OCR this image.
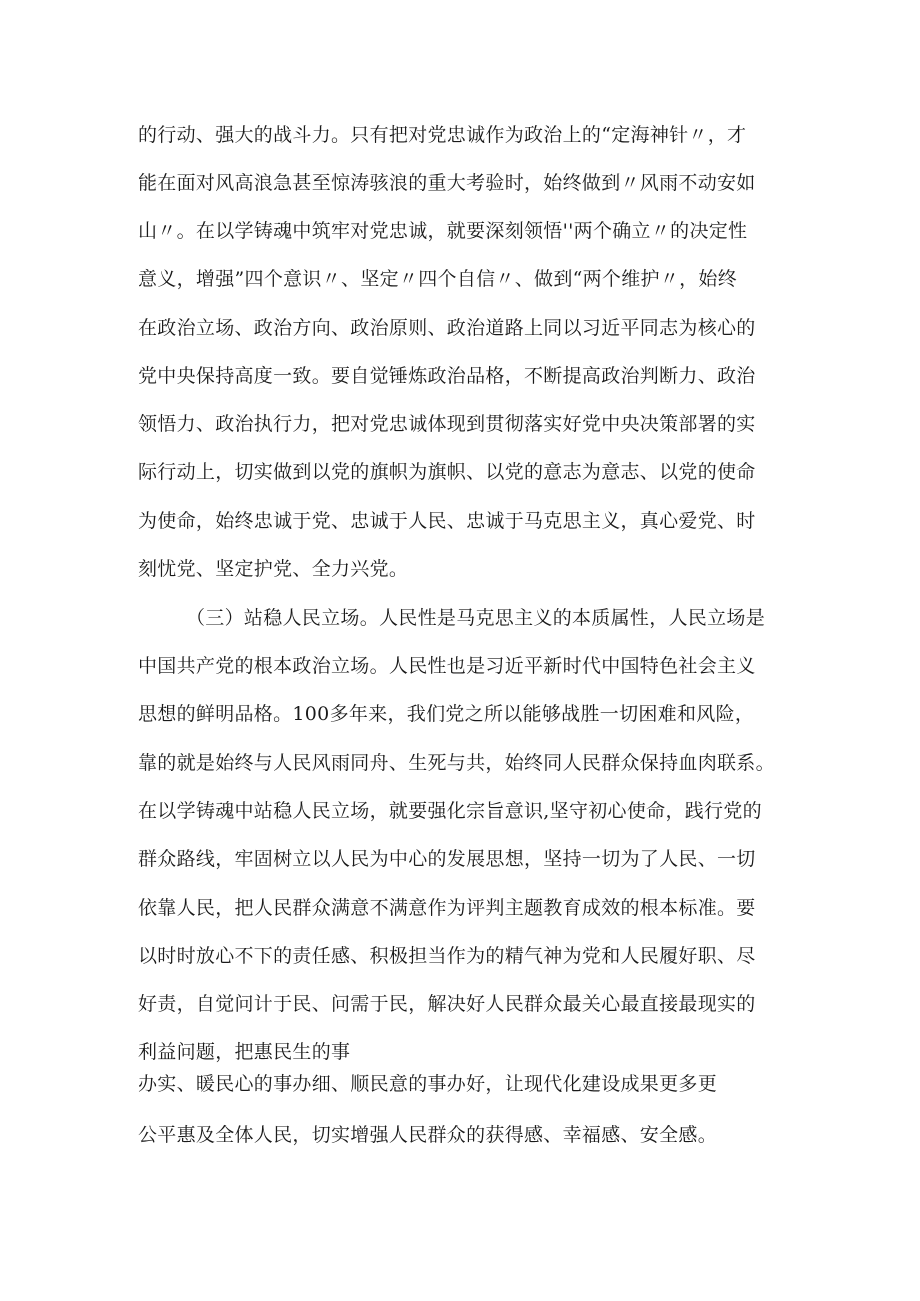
的行动、强大的战斗力。只有把对党忠诚作为政治上的“定海神针〃，才
能在面对风高浪急甚至惊涛骇浪的重大考验时，始终做到〃风雨不动安如
山〃。在以学铸魂中筑牢对党忠诚，就要深刻领悟''两个确立〃的决定性
意义，增强”四个意识〃、坚定〃四个自信〃、做到“两个维护〃，始终
在政治立场、政治方向、政治原则、政治道路上同以习近平同志为核心的
党中央保持高度一致。要自觉锤炼政治品格，不断提高政治判断力、政治
领悟力、政治执行力，把对党忠诚体现到贯彻落实好党中央决策部署的实
际行动上，切实做到以党的旗帜为旗帜、以党的意志为意志、以党的使命
为使命，始终忠诚于党、忠诚于人民、忠诚于马克思主义，真心爱党、时
刻忧党、坚定护党、全力兴党。
（三）站稳人民立场。人民性是马克思主义的本质属性，人民立场是
中国共产党的根本政治立场。人民性也是习近平新时代中国特色社会主义
思想的鲜明品格。100多年来，我们党之所以能够战胜一切困难和风险，
靠的就是始终与人民风雨同舟、生死与共，始终同人民群众保持血肉联系。
在以学铸魂中站稳人民立场，就要强化宗旨意识,坚守初心使命，践行党的
群众路线，牢固树立以人民为中心的发展思想，坚持一切为了人民、一切
依靠人民，把人民群众满意不满意作为评判主题教育成效的根本标准。要
以时时放心不下的责任感、积极担当作为的精气神为党和人民履好职、尽
好责，自觉问计于民、问需于民，解决好人民群众最关心最直接最现实的
利益问题，把惠民生的事
办实、暖民心的事办细、顺民意的事办好，让现代化建设成果更多更
公平惠及全体人民，切实增强人民群众的获得感、幸福感、安全感。
